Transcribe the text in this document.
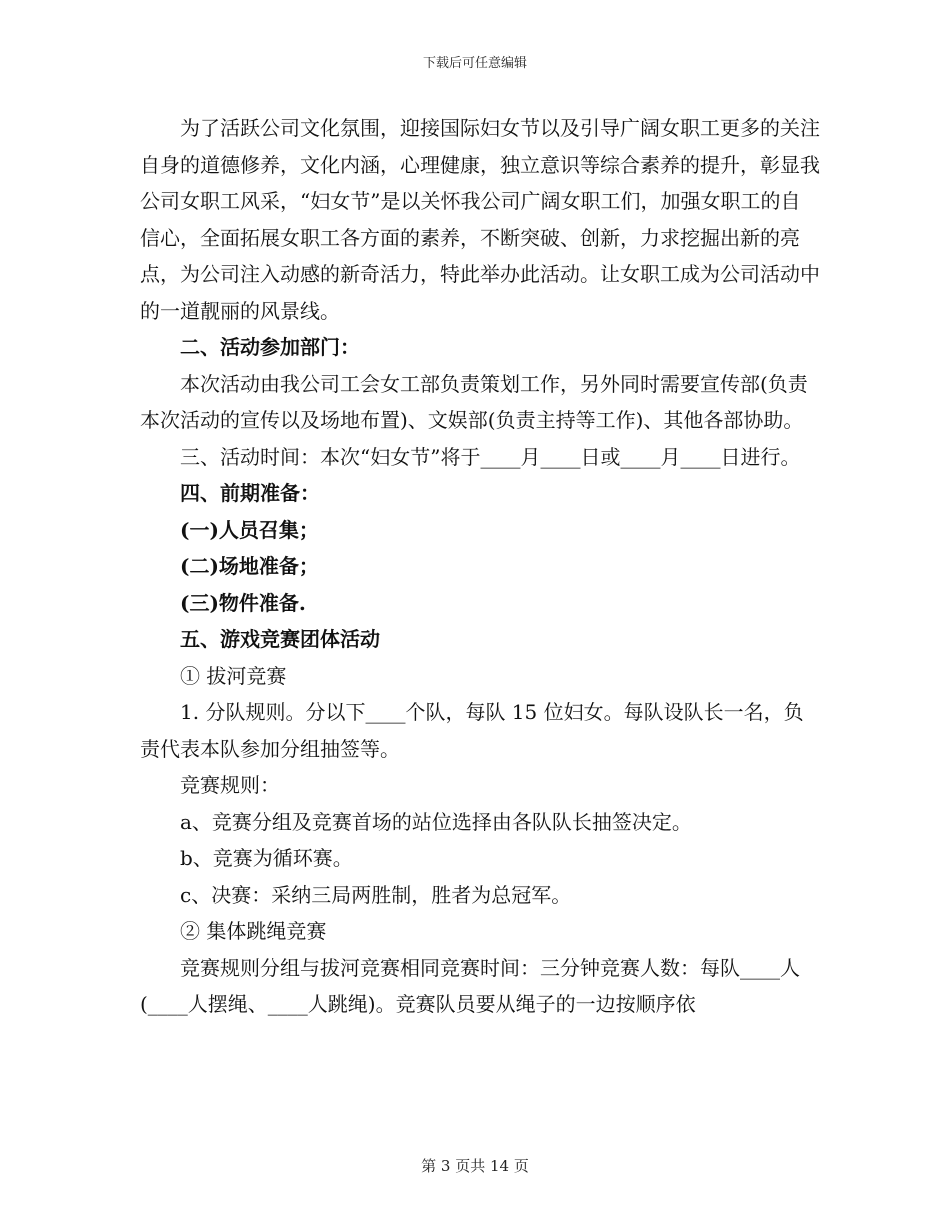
下载后可任意编辑

为了活跃公司文化氛围，迎接国际妇女节以及引导广阔女职工更多的关注自身的道德修养，文化内涵，心理健康，独立意识等综合素养的提升，彰显我公司女职工风采，“妇女节”是以关怀我公司广阔女职工们，加强女职工的自信心，全面拓展女职工各方面的素养，不断突破、创新，力求挖掘出新的亮点，为公司注入动感的新奇活力，特此举办此活动。让女职工成为公司活动中的一道靓丽的风景线。

二、活动参加部门：

本次活动由我公司工会女工部负责策划工作，另外同时需要宣传部(负责本次活动的宣传以及场地布置)、文娱部(负责主持等工作)、其他各部协助。

三、活动时间：本次“妇女节”将于____月____日或____月____日进行。

四、前期准备：

(一)人员召集；

(二)场地准备；

(三)物件准备.

五、游戏竞赛团体活动

① 拔河竞赛

1. 分队规则。分以下____个队，每队 15 位妇女。每队设队长一名，负责代表本队参加分组抽签等。

竞赛规则：

a、竞赛分组及竞赛首场的站位选择由各队队长抽签决定。

b、竞赛为循环赛。

c、决赛：采纳三局两胜制，胜者为总冠军。

② 集体跳绳竞赛

竞赛规则分组与拔河竞赛相同竞赛时间：三分钟竞赛人数：每队____人(____人摆绳、____人跳绳)。竞赛队员要从绳子的一边按顺序依

第 3 页共 14 页
